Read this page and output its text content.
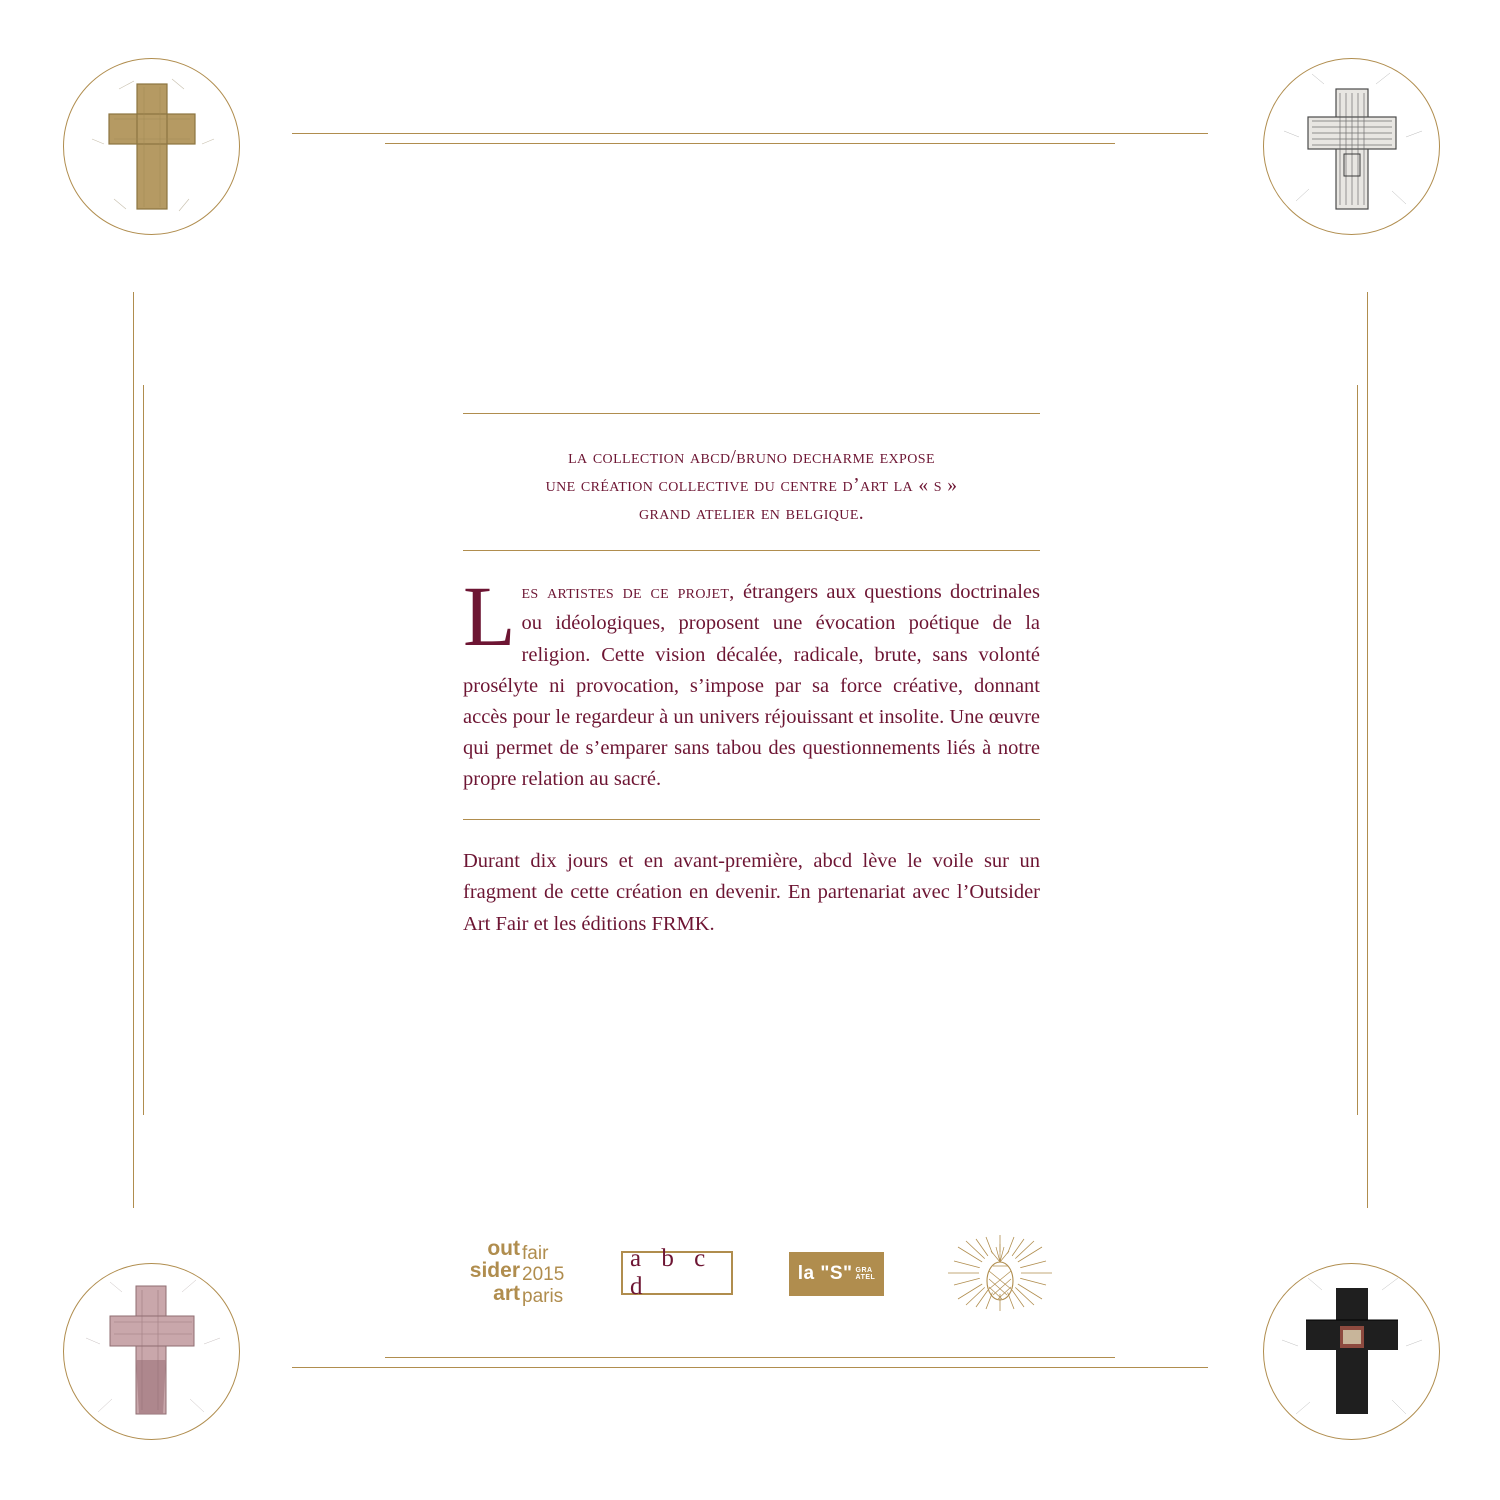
la collection abcd/bruno decharme expose
une création collective du centre d’art la « s »
grand atelier en belgique.

Les artistes de ce projet, étrangers aux questions doctrinales ou idéologiques, proposent une évocation poétique de la religion. Cette vision décalée, radicale, brute, sans volonté prosélyte ni provocation, s’impose par sa force créative, donnant accès pour le regardeur à un univers réjouissant et insolite. Une œuvre qui permet de s’emparer sans tabou des questionnements liés à notre propre relation au sacré.

Durant dix jours et en avant-première, abcd lève le voile sur un fragment de cette création en devenir. En partenariat avec l’Outsider Art Fair et les éditions FRMK.

out
sider
art
fair
2015
paris
a b c d	la "S" GRA
ATEL
